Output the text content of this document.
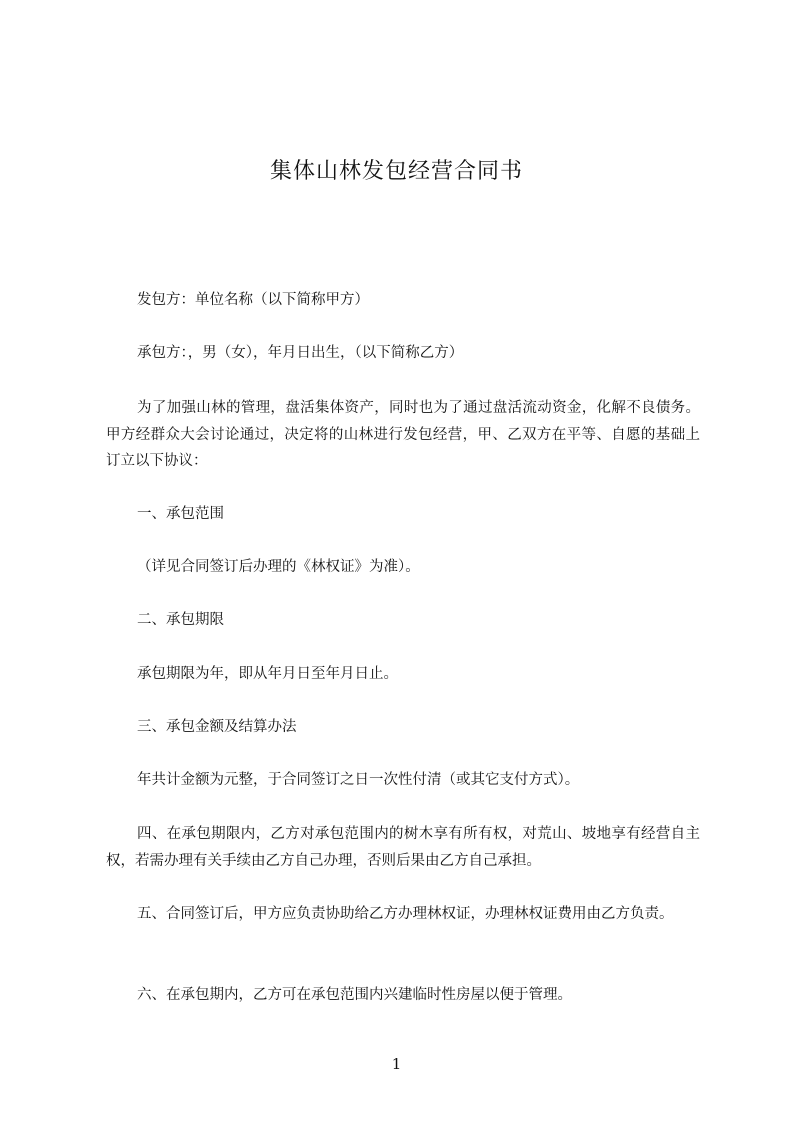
集体山林发包经营合同书

发包方：单位名称（以下简称甲方）

承包方：，男（女），年月日出生，（以下简称乙方）

为了加强山林的管理，盘活集体资产，同时也为了通过盘活流动资金，化解不良债务。甲方经群众大会讨论通过，决定将的山林进行发包经营，甲、乙双方在平等、自愿的基础上订立以下协议：

一、承包范围

（详见合同签订后办理的《林权证》为准）。

二、承包期限

承包期限为年，即从年月日至年月日止。

三、承包金额及结算办法

年共计金额为元整，于合同签订之日一次性付清（或其它支付方式）。

四、在承包期限内，乙方对承包范围内的树木享有所有权，对荒山、坡地享有经营自主权，若需办理有关手续由乙方自己办理，否则后果由乙方自己承担。

五、合同签订后，甲方应负责协助给乙方办理林权证，办理林权证费用由乙方负责。

六、在承包期内，乙方可在承包范围内兴建临时性房屋以便于管理。

1
